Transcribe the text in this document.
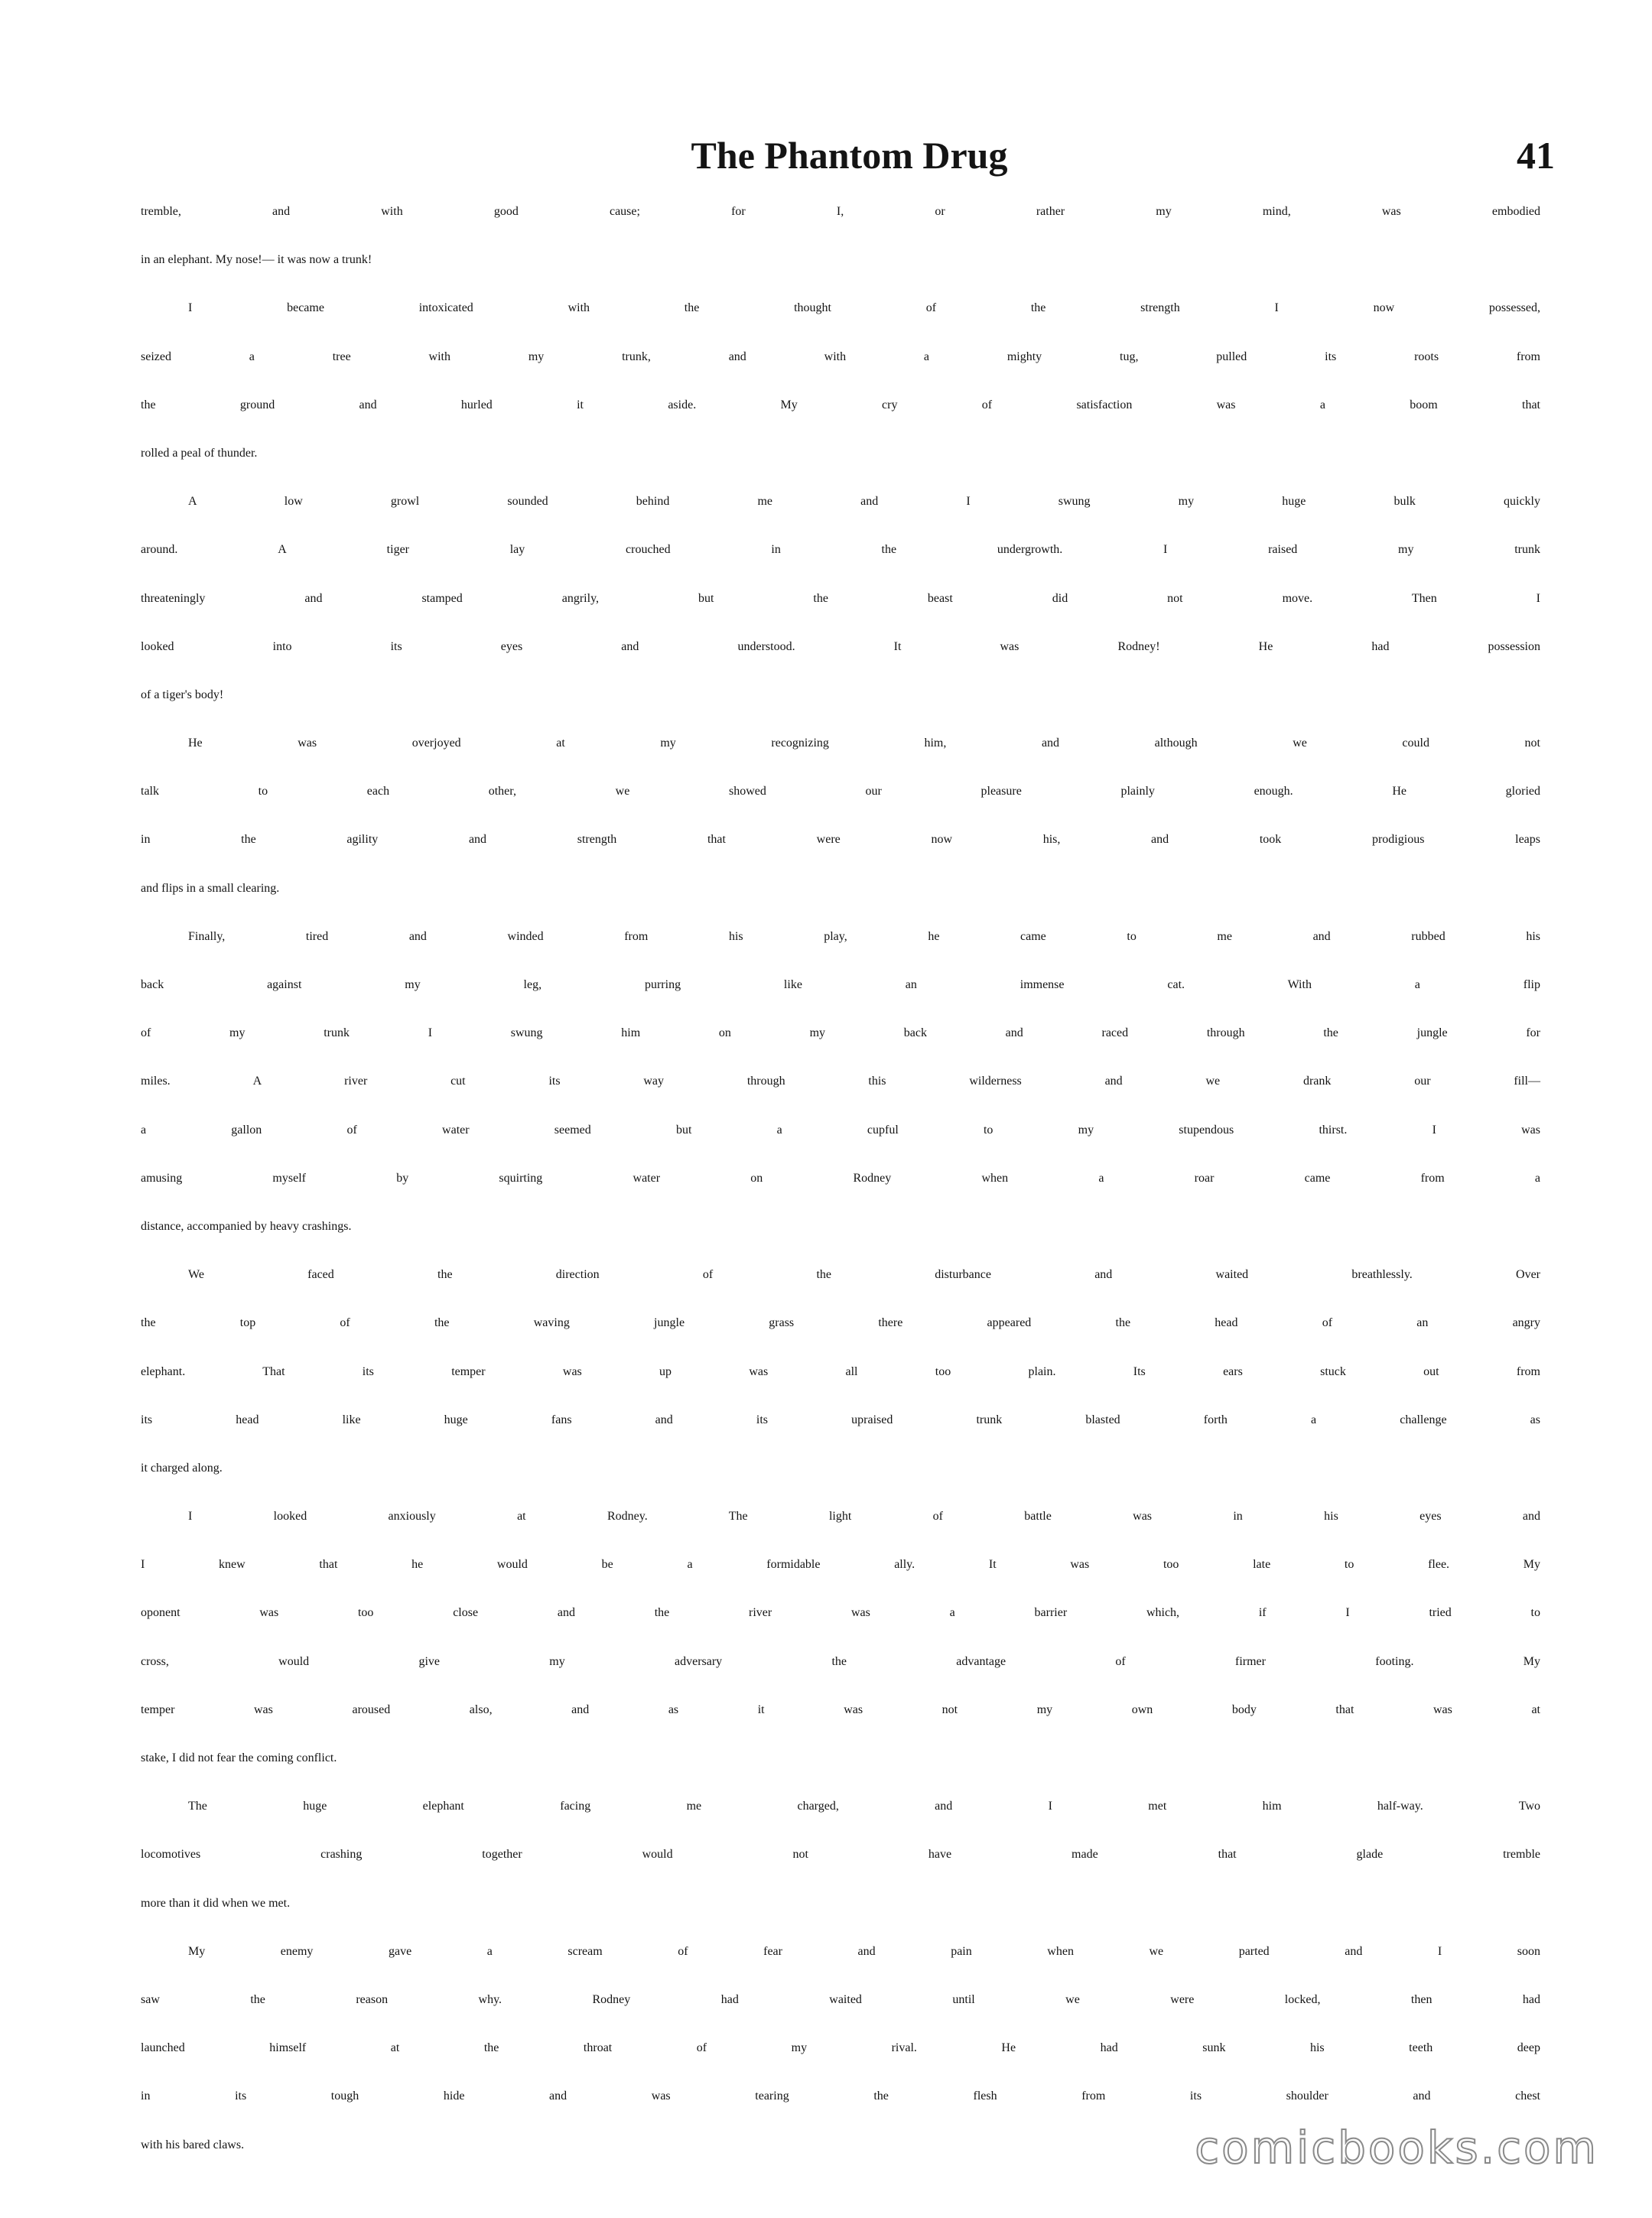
The Phantom Drug	41
tremble, and with good cause; for I, or rather my mind, was embodied
in an elephant. My nose!— it was now a trunk!
I became intoxicated with the thought of the strength I now possessed,
seized a tree with my trunk, and with a mighty tug, pulled its roots from
the ground and hurled it aside. My cry of satisfaction was a boom that
rolled a peal of thunder.
A low growl sounded behind me and I swung my huge bulk quickly
around. A tiger lay crouched in the undergrowth. I raised my trunk
threateningly and stamped angrily, but the beast did not move. Then I
looked into its eyes and understood. It was Rodney! He had possession
of a tiger's body!
He was overjoyed at my recognizing him, and although we could not
talk to each other, we showed our pleasure plainly enough. He gloried
in the agility and strength that were now his, and took prodigious leaps
and flips in a small clearing.
Finally, tired and winded from his play, he came to me and rubbed his
back against my leg, purring like an immense cat. With a flip
of my trunk I swung him on my back and raced through the jungle for
miles. A river cut its way through this wilderness and we drank our fill—
a gallon of water seemed but a cupful to my stupendous thirst. I was
amusing myself by squirting water on Rodney when a roar came from a
distance, accompanied by heavy crashings.
We faced the direction of the disturbance and waited breathlessly. Over
the top of the waving jungle grass there appeared the head of an angry
elephant. That its temper was up was all too plain. Its ears stuck out from
its head like huge fans and its upraised trunk blasted forth a challenge as
it charged along.
I looked anxiously at Rodney. The light of battle was in his eyes and
I knew that he would be a formidable ally. It was too late to flee. My
oponent was too close and the river was a barrier which, if I tried to
cross, would give my adversary the advantage of firmer footing. My
temper was aroused also, and as it was not my own body that was at
stake, I did not fear the coming conflict.
The huge elephant facing me charged, and I met him half-way. Two
locomotives crashing together would not have made that glade tremble
more than it did when we met.
My enemy gave a scream of fear and pain when we parted and I soon
saw the reason why. Rodney had waited until we were locked, then had
launched himself at the throat of my rival. He had sunk his teeth deep
in its tough hide and was tearing the flesh from its shoulder and chest
with his bared claws.	comicbooks.com
